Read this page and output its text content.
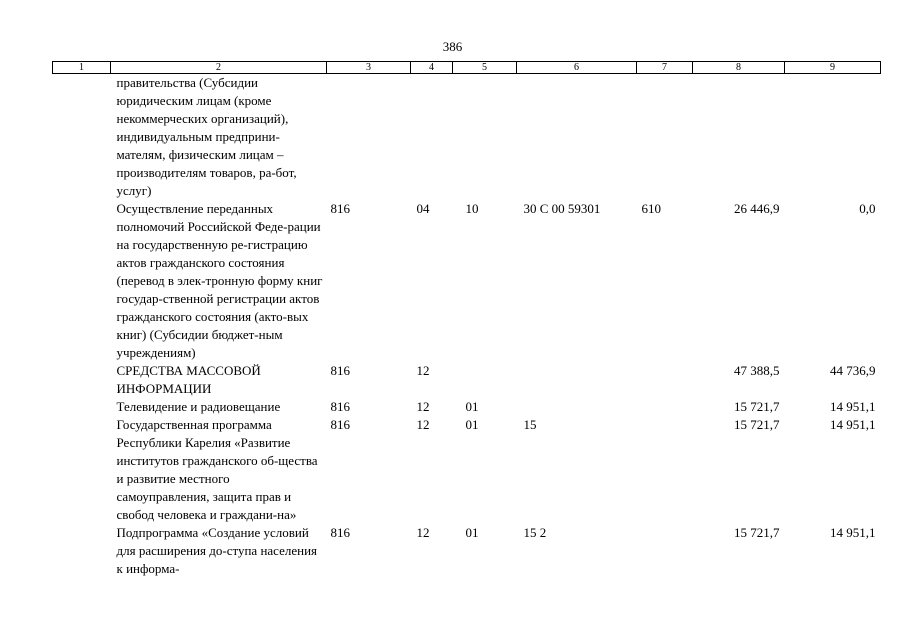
386
1	2	3	4	5	6	7	8	9
	правительства (Субсидии юридическим лицам (кроме некоммерческих организаций), индивидуальным предприни-мателям, физическим лицам – производителям товаров, ра-бот, услуг)							
	Осуществление переданных полномочий Российской Феде-рации на государственную ре-гистрацию актов гражданского состояния (перевод в элек-тронную форму книг государ-ственной регистрации актов гражданского состояния (акто-вых книг) (Субсидии бюджет-ным учреждениям)	816	04	10	30 С 00 59301	610	26 446,9	0,0
	СРЕДСТВА МАССОВОЙ ИНФОРМАЦИИ	816	12				47 388,5	44 736,9
	Телевидение и радиовещание	816	12	01			15 721,7	14 951,1
	Государственная программа Республики Карелия «Развитие институтов гражданского об-щества и развитие местного самоуправления, защита прав и свобод человека и граждани-на»	816	12	01	15		15 721,7	14 951,1
	Подпрограмма «Создание условий для расширения до-ступа населения к информа-	816	12	01	15 2		15 721,7	14 951,1
